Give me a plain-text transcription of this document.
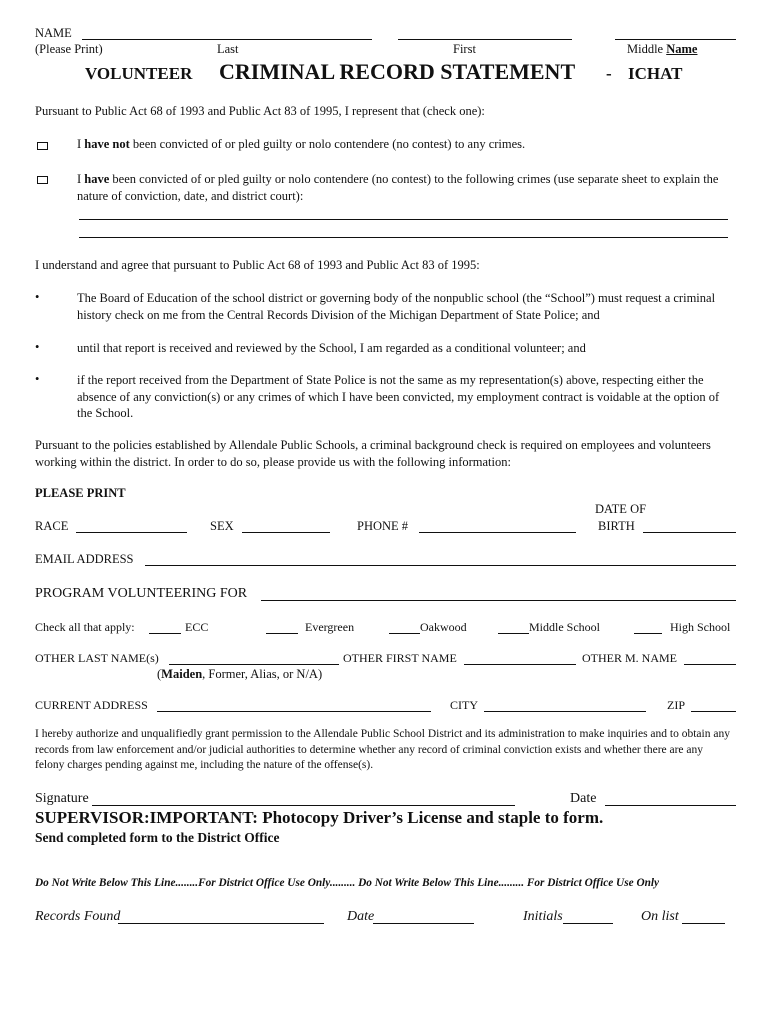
NAME
(Please Print)	Last	First	Middle Name
VOLUNTEER CRIMINAL RECORD STATEMENT - ICHAT
Pursuant to Public Act 68 of 1993 and Public Act 83 of 1995, I represent that (check one):
I have not been convicted of or pled guilty or nolo contendere (no contest) to any crimes.
I have been convicted of or pled guilty or nolo contendere (no contest) to the following crimes (use separate sheet to explain the nature of conviction, date, and district court):
I understand and agree that pursuant to Public Act 68 of 1993 and Public Act 83 of 1995:
•	The Board of Education of the school district or governing body of the nonpublic school (the “School”) must request a criminal history check on me from the Central Records Division of the Michigan Department of State Police; and
•	until that report is received and reviewed by the School, I am regarded as a conditional volunteer; and
•	if the report received from the Department of State Police is not the same as my representation(s) above, respecting either the absence of any conviction(s) or any crimes of which I have been convicted, my employment contract is voidable at the option of the School.
Pursuant to the policies established by Allendale Public Schools, a criminal background check is required on employees and volunteers working within the district. In order to do so, please provide us with the following information:
PLEASE PRINT
DATE OF
RACE	SEX	PHONE #	BIRTH
EMAIL ADDRESS
PROGRAM VOLUNTEERING FOR
Check all that apply:	ECC	Evergreen	Oakwood	Middle School	High School
OTHER LAST NAME(s)	OTHER FIRST NAME	OTHER M. NAME
(Maiden, Former, Alias, or N/A)
CURRENT ADDRESS	CITY	ZIP
I hereby authorize and unqualifiedly grant permission to the Allendale Public School District and its administration to make inquiries and to obtain any records from law enforcement and/or judicial authorities to determine whether any record of criminal conviction exists and whether there are any felony charges pending against me, including the nature of the offense(s).
Signature	Date
SUPERVISOR:IMPORTANT: Photocopy Driver’s License and staple to form.
Send completed form to the District Office
Do Not Write Below This Line........For District Office Use Only......... Do Not Write Below This Line......... For District Office Use Only
Records Found	Date	Initials	On list
